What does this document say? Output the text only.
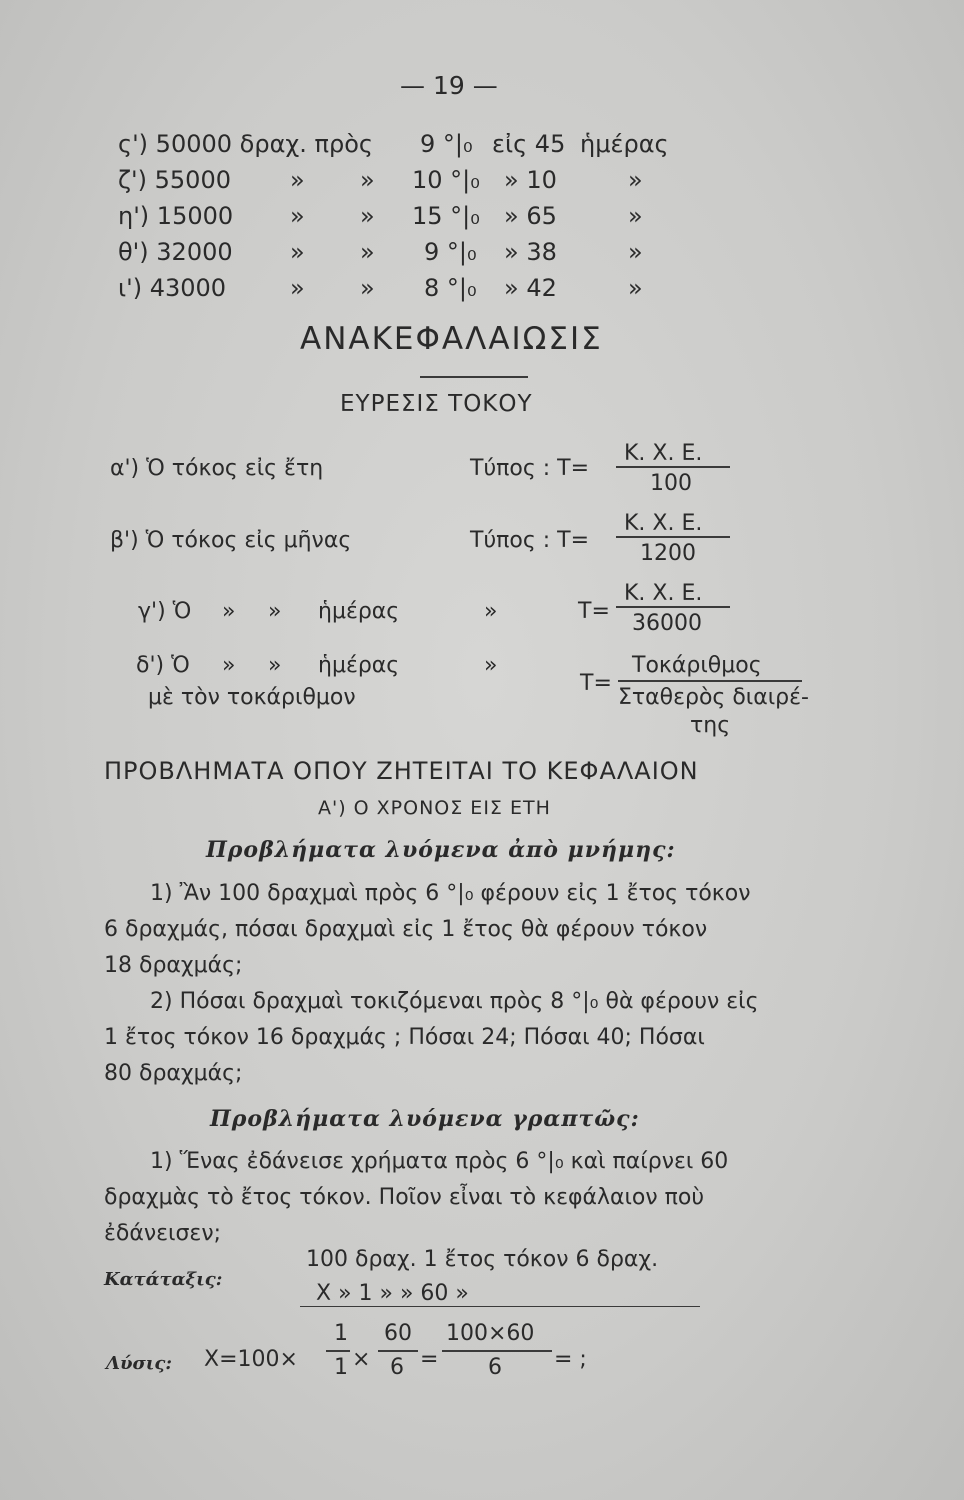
— 19 —
ς') 50000 δραχ. πρὸς 9 °|₀ εἰς 45 ἡμέρας
ζ') 55000 » » 10 °|₀ » 10	»
η') 15000 » » 15 °|₀ » 65	»
θ') 32000 » » 9 °|₀ » 38	»
ι') 43000	» » 8 °|₀ » 42	»
ΑΝΑΚΕΦΑΛΑΙΩΣΙΣ
ΕΥΡΕΣΙΣ ΤΟΚΟΥ
α') Ὁ τόκος εἰς ἔτη	Τύπος : Τ=
Κ. Χ. Ε.
100
β') Ὁ τόκος εἰς μῆνας	Τύπος : Τ=
Κ. Χ. Ε.
1200
γ') Ὁ » » ἡμέρας	»	Τ=
Κ. Χ. Ε.
36000
δ') Ὁ » » ἡμέρας
μὲ τὸν τοκάριθμον
»
Τ=
Τοκάριθμος
Σταθερὸς διαιρέ-
της
ΠΡΟΒΛΗΜΑΤΑ ΟΠΟΥ ΖΗΤΕΙΤΑΙ ΤΟ ΚΕΦΑΛΑΙΟΝ
Α') Ο ΧΡΟΝΟΣ ΕΙΣ ΕΤΗ
Προβλήματα λυόμενα ἀπὸ μνήμης:
1) Ἂν 100 δραχμαὶ πρὸς 6 °|₀ φέρουν εἰς 1 ἔτος τόκον
6 δραχμάς, πόσαι δραχμαὶ εἰς 1 ἔτος θὰ φέρουν τόκον
18 δραχμάς;
2) Πόσαι δραχμαὶ τοκιζόμεναι πρὸς 8 °|₀ θὰ φέρουν εἰς
1 ἔτος τόκον 16 δραχμάς ; Πόσαι 24; Πόσαι 40; Πόσαι
80 δραχμάς;
Προβλήματα λυόμενα γραπτῶς:
1) Ἕνας ἐδάνεισε χρήματα πρὸς 6 °|₀ καὶ παίρνει 60
δραχμὰς τὸ ἔτος τόκον. Ποῖον εἶναι τὸ κεφάλαιον ποὺ
ἐδάνεισεν;
Κατάταξις:
100 δραχ. 1 ἔτος τόκον 6 δραχ.
Χ » 1 » » 60 »
Λύσις: Χ=100×
1
1 ×
60
6 =
100×60
6 = ;
